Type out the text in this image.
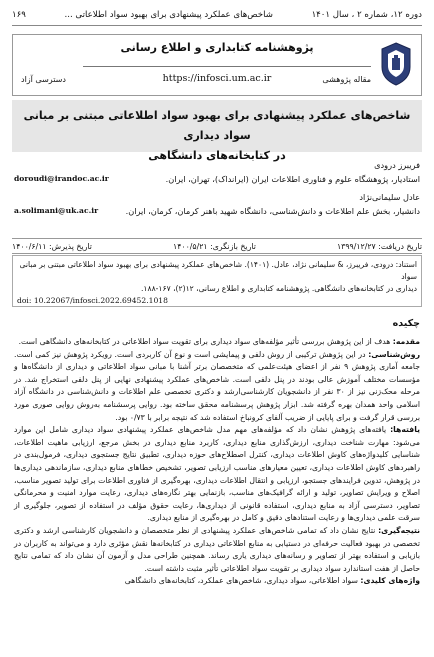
دوره ۱۲، شماره ۲ ، سال ۱۴۰۱
شاخص‌های عملکرد پیشنهادی برای بهبود سواد اطلاعاتی ...
۱۶۹
پژوهشنامه کتابداری و اطلاع رسانی
مقاله پژوهشی
https://infosci.um.ac.ir
دسترسی آزاد
شاخص‌های عملکرد پیشنهادی برای بهبود سواد اطلاعاتی مبتنی بر مبانی سواد دیداری
در کتابخانه‌های دانشگاهی
فریبرز درودی
استادیار، پژوهشگاه علوم و فناوری اطلاعات ایران (ایرانداک)، تهران، ایران.
doroudi@irandoc.ac.ir
عادل سلیمانی‌نژاد
دانشیار، بخش علم اطلاعات و دانش‌شناسی، دانشگاه شهید باهنر کرمان، کرمان، ایران.
a.solimani@uk.ac.ir
تاریخ دریافت: ۱۳۹۹/۱۲/۲۷
تاریخ بازنگری: ۱۴۰۰/۵/۲۱
تاریخ پذیرش: ۱۴۰۰/۶/۱۱
استناد: درودی، فریبرز، & سلیمانی نژاد، عادل. (۱۴۰۱). شاخص‌های عملکرد پیشنهادی برای بهبود سواد اطلاعاتی مبتنی بر مبانی سواد
دیداری در کتابخانه‌های دانشگاهی. پژوهشنامه کتابداری و اطلاع رسانی، ۱۲(۲)، ۱۶۷-۱۸۸.
doi: 10.22067/infosci.2022.69452.1018
چکیده

مقدمه: هدف از این پژوهش بررسی تأثیر مؤلفه‌های سواد دیداری برای تقویت سواد اطلاعاتی در کتابخانه‌های دانشگاهی است.

روش‌شناسی: در این پژوهش ترکیبی از روش دلفی و پیمایشی است و نوع آن کاربردی است. رویکرد پژوهش نیز کمی است. جامعه آماری پژوهش ۹ نفر از اعضای هیئت‌علمی که متخصصان برتر آشنا با مبانی سواد اطلاعاتی و دیداری از دانشگاه‌ها و مؤسسات مختلف آموزش عالی بودند در پنل دلفی است. شاخص‌های عملکرد پیشنهادی نهایی از پنل دلفی استخراج شد. در مرحله محک‌زنی نیز از ۳۰ نفر از دانشجویان کارشناسی‌ارشد و دکتری تخصصی علم اطلاعات و دانش‌شناسی در دانشگاه آزاد اسلامی واحد همدان بهره گرفته شد. ابزار پژوهش پرسشنامه محقق ساخته بود. روایی پرسشنامه به‌روش روایی صوری مورد بررسی قرار گرفت و برای پایایی از ضریب آلفای کرونباخ استفاده شد که نتیجه برابر با ۰/۷۳ بود.

یافته‌ها: یافته‌های پژوهش نشان داد که مؤلفه‌های مهم مدل شاخص‌های عملکرد پیشنهادی سواد دیداری شامل این موارد می‌شود: مهارت شناخت دیداری، ارزش‌گذاری منابع دیداری، کاربرد منابع دیداری در بخش مرجع، ارزیابی ماهیت اطلاعات، شناسایی کلیدواژه‌های کاوش اطلاعات دیداری، کنترل اصطلاح‌های حوزه دیداری، تطبیق نتایج جستجوی دیداری، فرمول‌بندی در راهبردهای کاوش اطلاعات دیداری، تعیین معیارهای مناسب ارزیابی تصویر، تشخیص خطاهای منابع دیداری، سازماندهی دیداری‌ها در پژوهش، تدوین فرایندهای جستجو، ارزیابی و انتقال اطلاعات دیداری، بهره‌گیری از فناوری اطلاعات برای تولید تصویر مناسب، اصلاح و ویرایش تصاویر، تولید و ارائه گرافیک‌های مناسب، بازنمایی بهتر نگاره‌های دیداری، رعایت موارد امنیت و محرمانگی تصاویر، دسترسی آزاد به منابع دیداری، استفاده قانونی از دیداری‌ها، رعایت حقوق مؤلف در استفاده از تصویر، جلوگیری از سرقت علمی دیداری‌ها و رعایت استنادهای دقیق و کامل در بهره‌گیری از منابع دیداری.

نتیجه‌گیری: نتایج نشان داد که تمامی شاخص‌های عملکرد پیشنهادی از نظر متخصصان و دانشجویان کارشناسی ارشد و دکتری تخصصی در بهبود فعالیت حرفه‌ای در دستیابی به منابع اطلاعاتی دیداری در کتابخانه‌ها نقش مؤثری دارد و می‌تواند به کاربران در بازیابی و استفاده بهتر از تصاویر و رسانه‌های دیداری یاری رساند. همچنین طراحی مدل و آزمون آن نشان داد که تمامی نتایج حاصل از هفت استاندارد سواد دیداری بر تقویت سواد اطلاعاتی تأثیر مثبت داشته است.

واژه‌های کلیدی: سواد اطلاعاتی، سواد دیداری، شاخص‌های عملکرد، کتابخانه‌های دانشگاهی
